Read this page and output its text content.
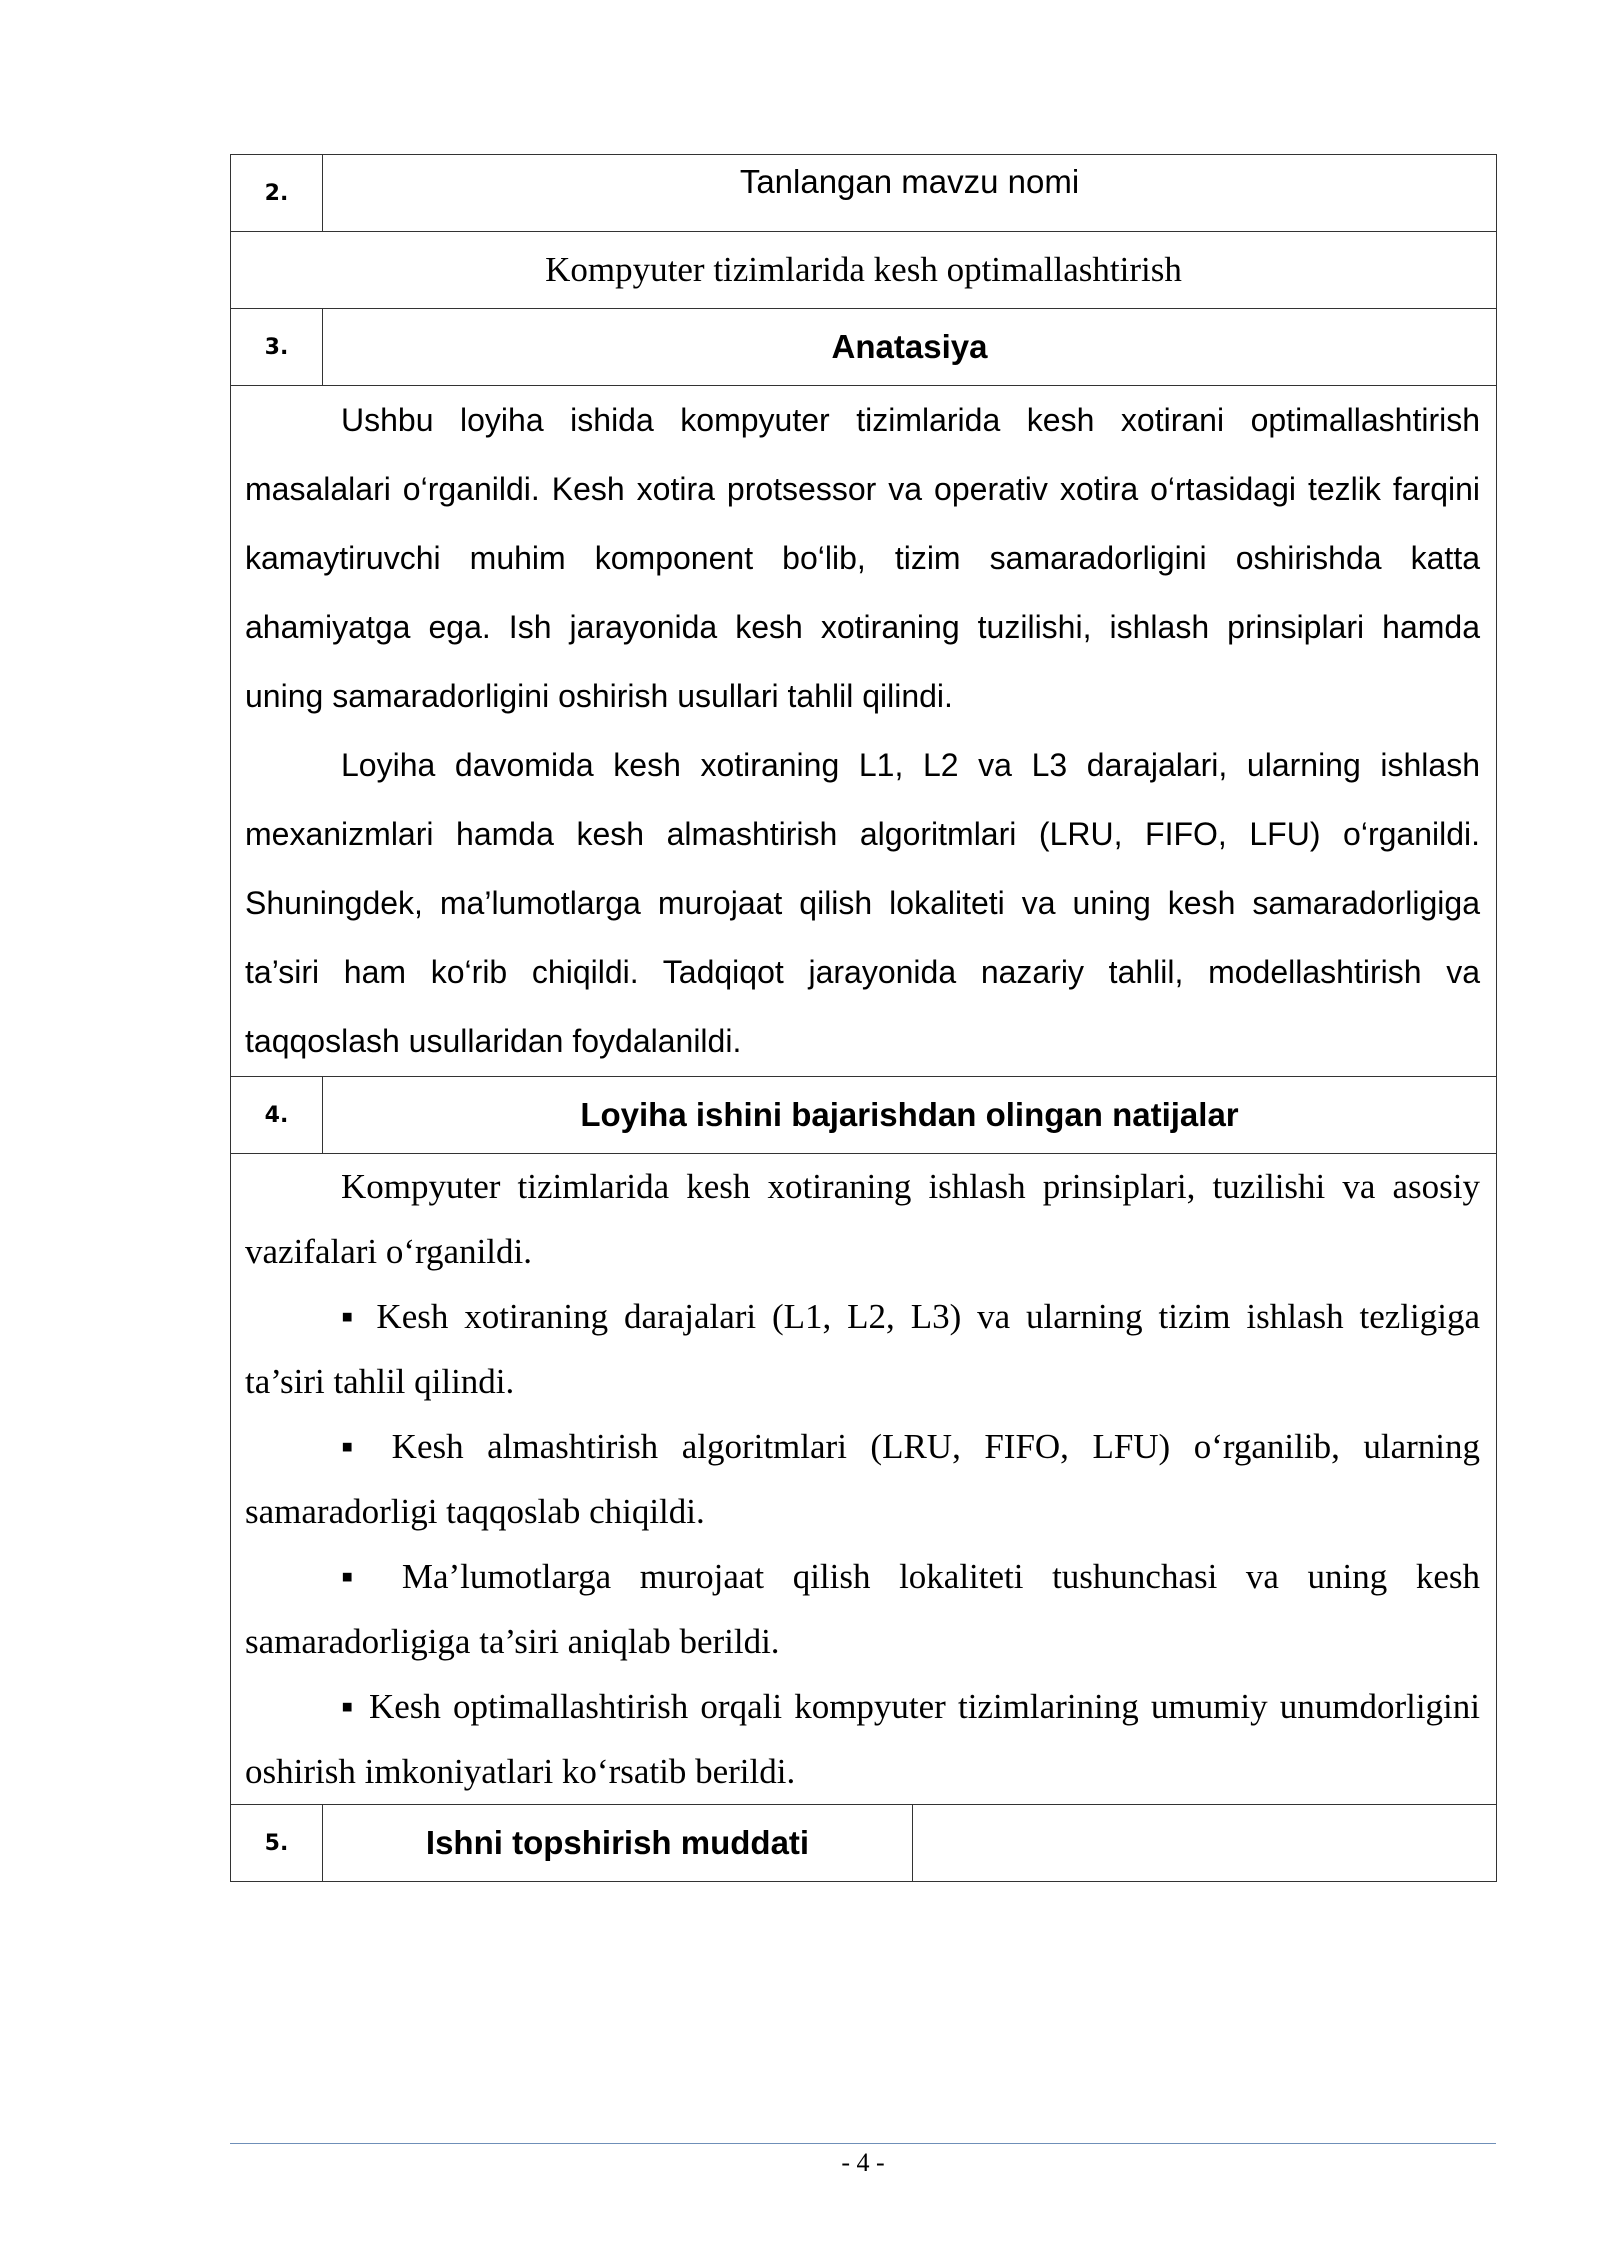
2.	Tanlangan mavzu nomi	
Kompyuter tizimlarida kesh optimallashtirish		
3.	Anatasiya	

Ushbu loyiha ishida kompyuter tizimlarida kesh xotirani optimallashtirish masalalari o‘rganildi. Kesh xotira protsessor va operativ xotira o‘rtasidagi tezlik farqini kamaytiruvchi muhim komponent bo‘lib, tizim samaradorligini oshirishda katta ahamiyatga ega. Ish jarayonida kesh xotiraning tuzilishi, ishlash prinsiplari hamda uning samaradorligini oshirish usullari tahlil qilindi.

Loyiha davomida kesh xotiraning L1, L2 va L3 darajalari, ularning ishlash mexanizmlari hamda kesh almashtirish algoritmlari (LRU, FIFO, LFU) o‘rganildi. Shuningdek, ma’lumotlarga murojaat qilish lokaliteti va uning kesh samaradorligiga ta’siri ham ko‘rib chiqildi. Tadqiqot jarayonida nazariy tahlil, modellashtirish va taqqoslash usullaridan foydalanildi.		

4.	Loyiha ishini bajarishdan olingan natijalar	

Kompyuter tizimlarida kesh xotiraning ishlash prinsiplari, tuzilishi va asosiy vazifalari o‘rganildi.

▪ Kesh xotiraning darajalari (L1, L2, L3) va ularning tizim ishlash tezligiga ta’siri tahlil qilindi.

▪ Kesh almashtirish algoritmlari (LRU, FIFO, LFU) o‘rganilib, ularning samaradorligi taqqoslab chiqildi.

▪ Ma’lumotlarga murojaat qilish lokaliteti tushunchasi va uning kesh samaradorligiga ta’siri aniqlab berildi.

▪ Kesh optimallashtirish orqali kompyuter tizimlarining umumiy unumdorligini oshirish imkoniyatlari ko‘rsatib berildi.		

5.	Ishni topshirish muddati	
- 4 -
